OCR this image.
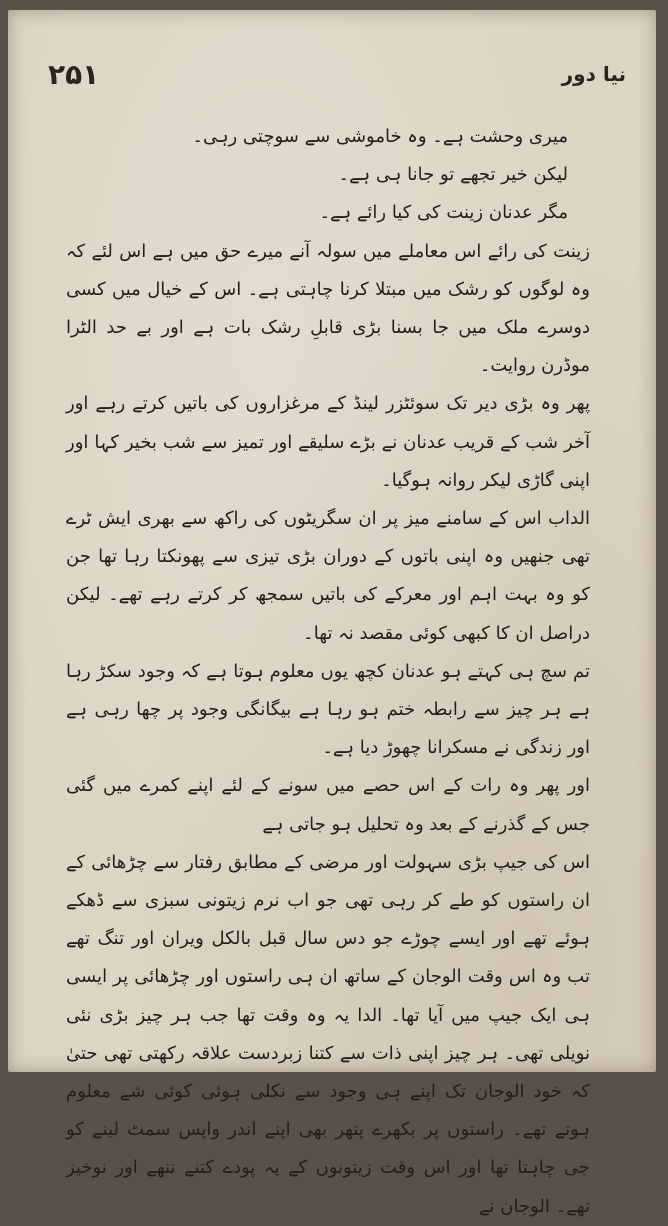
۱۵۲	نیا دور

میری وحشت ہے۔ وہ خاموشی سے سوچتی رہی۔

لیکن خیر تجھے تو جانا ہی ہے۔

مگر عدنان زینت کی کیا رائے ہے۔

زینت کی رائے اس معاملے میں سولہ آنے میرے حق میں ہے اس لئے کہ وہ لوگوں کو رشک میں مبتلا کرنا چاہتی ہے۔ اس کے خیال میں کسی دوسرے ملک میں جا بسنا بڑی قابلِ رشک بات ہے اور بے حد الٹرا موڈرن روایت۔

پھر وہ بڑی دیر تک سوئٹزر لینڈ کے مرغزاروں کی باتیں کرتے رہے اور آخر شب کے قریب عدنان نے بڑے سلیقے اور تمیز سے شب بخیر کہا اور اپنی گاڑی لیکر روانہ ہوگیا۔

الداب اس کے سامنے میز پر ان سگریٹوں کی راکھ سے بھری ایش ٹرے تھی جنھیں وہ اپنی باتوں کے دوران بڑی تیزی سے پھونکتا رہا تھا جن کو وہ بہت اہم اور معرکے کی باتیں سمجھ کر کرتے رہے تھے۔ لیکن دراصل ان کا کبھی کوئی مقصد نہ تھا۔

تم سچ ہی کہتے ہو عدنان کچھ یوں معلوم ہوتا ہے کہ وجود سکڑ رہا ہے ہر چیز سے رابطہ ختم ہو رہا ہے بیگانگی وجود پر چھا رہی ہے اور زندگی نے مسکرانا چھوڑ دیا ہے۔

اور پھر وہ رات کے اس حصے میں سونے کے لئے اپنے کمرے میں گئی جس کے گذرنے کے بعد وہ تحلیل ہو جاتی ہے

اس کی جیپ بڑی سہولت اور مرضی کے مطابق رفتار سے چڑھائی کے ان راستوں کو طے کر رہی تھی جو اب نرم زیتونی سبزی سے ڈھکے ہوئے تھے اور ایسے چوڑے جو دس سال قبل بالکل ویران اور تنگ تھے تب وہ اس وقت الوجان کے ساتھ ان ہی راستوں اور چڑھائی پر ایسی ہی ایک جیپ میں آیا تھا۔ الدا یہ وہ وقت تھا جب ہر چیز بڑی نئی نویلی تھی۔ ہر چیز اپنی ذات سے کتنا زبردست علاقہ رکھتی تھی حتیٰ کہ خود الوجان تک اپنے ہی وجود سے نکلی ہوئی کوئی شے معلوم ہوتے تھے۔ راستوں پر بکھرے پتھر بھی اپنے اندر واپس سمٹ لینے کو جی چاہتا تھا اور اس وقت زیتونوں کے یہ پودے کتنے ننھے اور نوخیز تھے۔ الوجان نے
